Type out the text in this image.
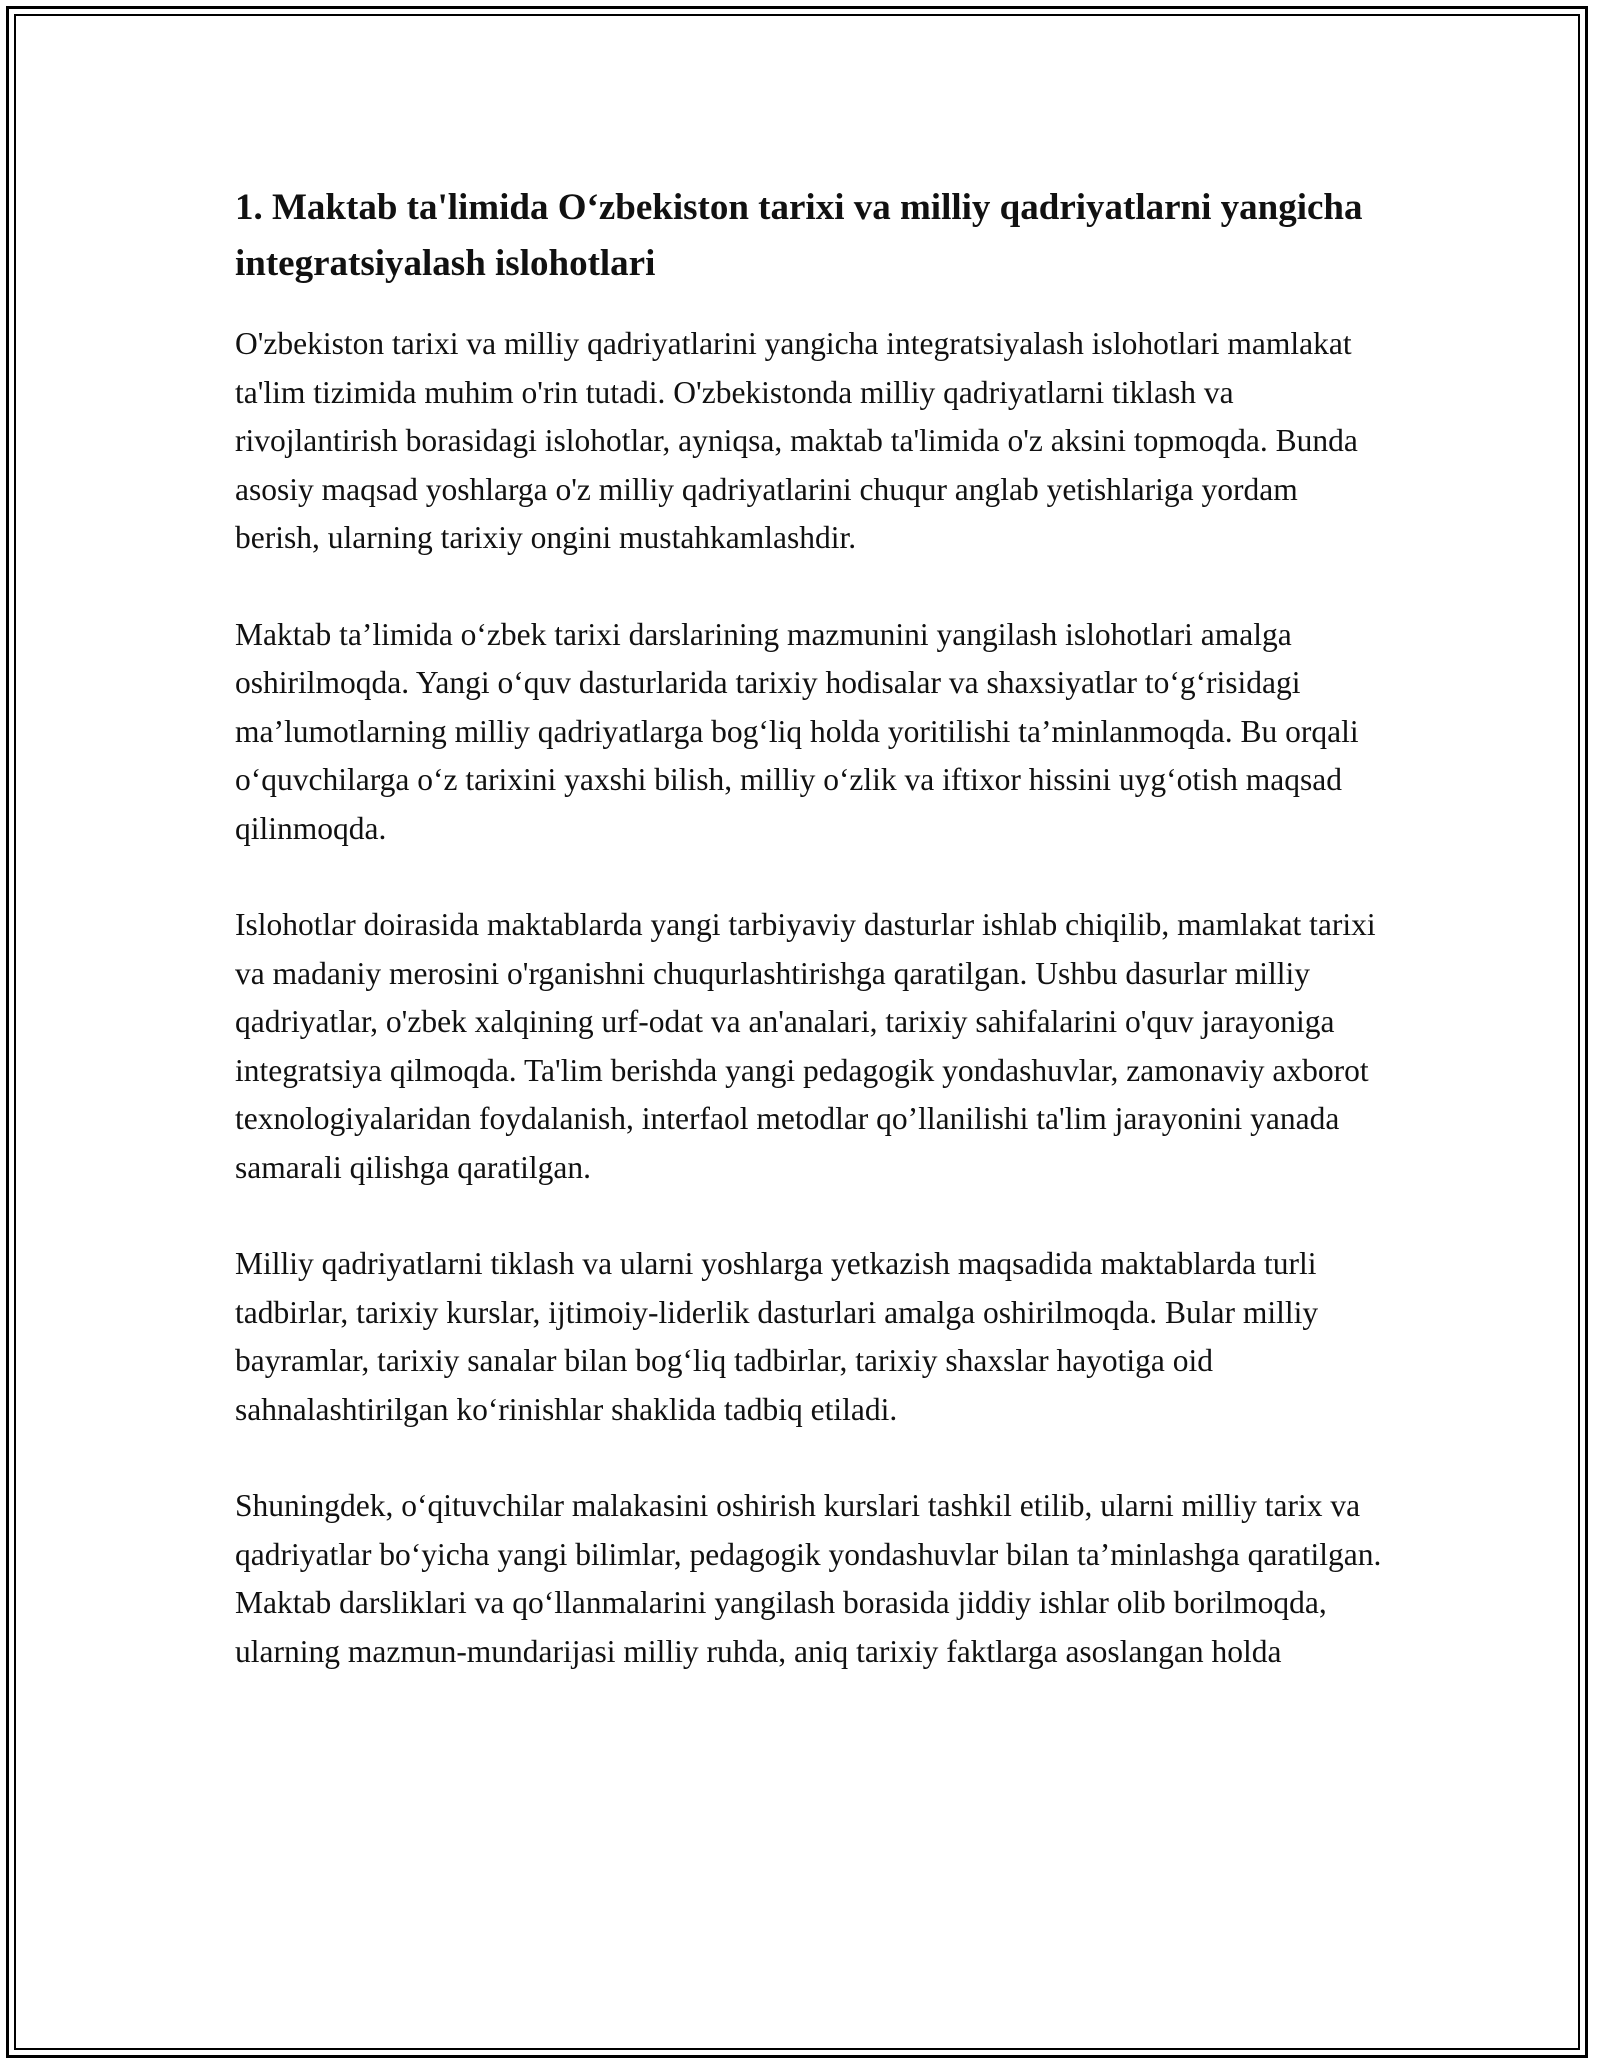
1. Maktab ta'limida O‘zbekiston tarixi va milliy qadriyatlarni yangicha integratsiyalash islohotlari

O'zbekiston tarixi va milliy qadriyatlarini yangicha integratsiyalash islohotlari mamlakat ta'lim tizimida muhim o'rin tutadi. O'zbekistonda milliy qadriyatlarni tiklash va rivojlantirish borasidagi islohotlar, ayniqsa, maktab ta'limida o'z aksini topmoqda. Bunda asosiy maqsad yoshlarga o'z milliy qadriyatlarini chuqur anglab yetishlariga yordam berish, ularning tarixiy ongini mustahkamlashdir.

Maktab ta’limida o‘zbek tarixi darslarining mazmunini yangilash islohotlari amalga oshirilmoqda. Yangi o‘quv dasturlarida tarixiy hodisalar va shaxsiyatlar to‘g‘risidagi ma’lumotlarning milliy qadriyatlarga bog‘liq holda yoritilishi ta’minlanmoqda. Bu orqali o‘quvchilarga o‘z tarixini yaxshi bilish, milliy o‘zlik va iftixor hissini uyg‘otish maqsad qilinmoqda.

Islohotlar doirasida maktablarda yangi tarbiyaviy dasturlar ishlab chiqilib, mamlakat tarixi va madaniy merosini o'rganishni chuqurlashtirishga qaratilgan. Ushbu dasurlar milliy qadriyatlar, o'zbek xalqining urf-odat va an'analari, tarixiy sahifalarini o'quv jarayoniga integratsiya qilmoqda. Ta'lim berishda yangi pedagogik yondashuvlar, zamonaviy axborot texnologiyalaridan foydalanish, interfaol metodlar qo’llanilishi ta'lim jarayonini yanada samarali qilishga qaratilgan.

Milliy qadriyatlarni tiklash va ularni yoshlarga yetkazish maqsadida maktablarda turli tadbirlar, tarixiy kurslar, ijtimoiy-liderlik dasturlari amalga oshirilmoqda. Bular milliy bayramlar, tarixiy sanalar bilan bog‘liq tadbirlar, tarixiy shaxslar hayotiga oid sahnalashtirilgan ko‘rinishlar shaklida tadbiq etiladi.

Shuningdek, o‘qituvchilar malakasini oshirish kurslari tashkil etilib, ularni milliy tarix va qadriyatlar bo‘yicha yangi bilimlar, pedagogik yondashuvlar bilan ta’minlashga qaratilgan. Maktab darsliklari va qo‘llanmalarini yangilash borasida jiddiy ishlar olib borilmoqda, ularning mazmun-mundarijasi milliy ruhda, aniq tarixiy faktlarga asoslangan holda
